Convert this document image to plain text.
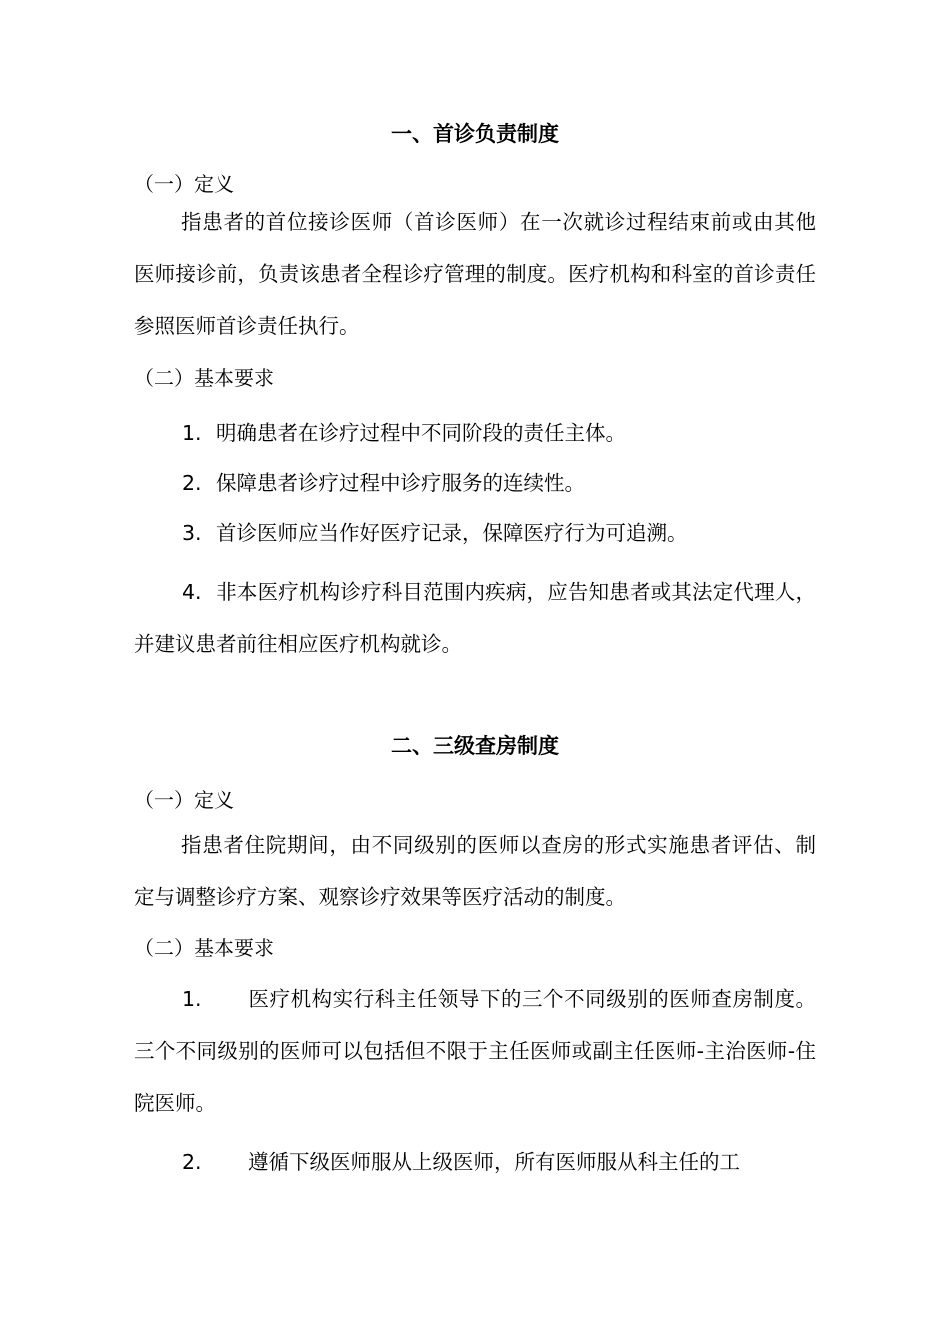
一、首诊负责制度
（一）定义

指患者的首位接诊医师（首诊医师）在一次就诊过程结束前或由其他医师接诊前，负责该患者全程诊疗管理的制度。医疗机构和科室的首诊责任参照医师首诊责任执行。

（二）基本要求
1. 明确患者在诊疗过程中不同阶段的责任主体。
2. 保障患者诊疗过程中诊疗服务的连续性。
3. 首诊医师应当作好医疗记录，保障医疗行为可追溯。

4. 非本医疗机构诊疗科目范围内疾病，应告知患者或其法定代理人，并建议患者前往相应医疗机构就诊。

二、三级查房制度
（一）定义

指患者住院期间，由不同级别的医师以查房的形式实施患者评估、制定与调整诊疗方案、观察诊疗效果等医疗活动的制度。

（二）基本要求

1. 医疗机构实行科主任领导下的三个不同级别的医师查房制度。三个不同级别的医师可以包括但不限于主任医师或副主任医师-主治医师-住院医师。

2. 遵循下级医师服从上级医师，所有医师服从科主任的工
